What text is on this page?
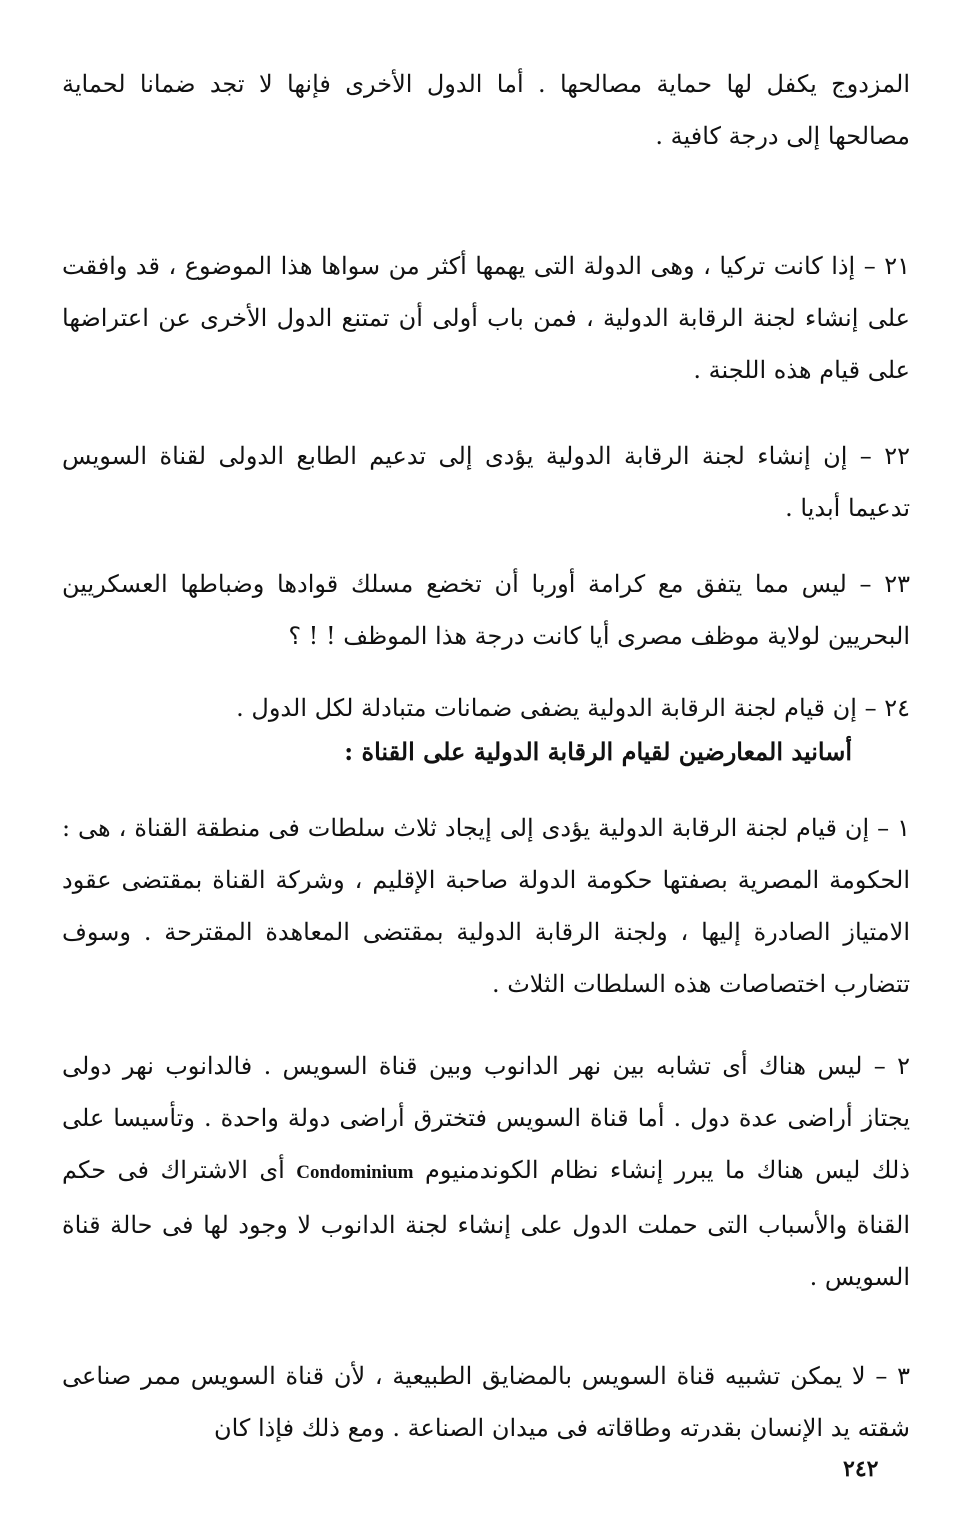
المزدوج يكفل لها حماية مصالحها . أما الدول الأخرى فإنها لا تجد ضمانا لحماية مصالحها إلى درجة كافية .

٢١ – إذا كانت تركيا ، وهى الدولة التى يهمها أكثر من سواها هذا الموضوع ، قد وافقت على إنشاء لجنة الرقابة الدولية ، فمن باب أولى أن تمتنع الدول الأخرى عن اعتراضها على قيام هذه اللجنة .

٢٢ – إن إنشاء لجنة الرقابة الدولية يؤدى إلى تدعيم الطابع الدولى لقناة السويس تدعيما أبديا .

٢٣ – ليس مما يتفق مع كرامة أوربا أن تخضع مسلك قوادها وضباطها العسكريين البحريين لولاية موظف مصرى أيا كانت درجة هذا الموظف ! ! ؟

٢٤ – إن قيام لجنة الرقابة الدولية يضفى ضمانات متبادلة لكل الدول .

أسانيد المعارضين لقيام الرقابة الدولية على القناة :

١ – إن قيام لجنة الرقابة الدولية يؤدى إلى إيجاد ثلاث سلطات فى منطقة القناة ، هى : الحكومة المصرية بصفتها حكومة الدولة صاحبة الإقليم ، وشركة القناة بمقتضى عقود الامتياز الصادرة إليها ، ولجنة الرقابة الدولية بمقتضى المعاهدة المقترحة . وسوف تتضارب اختصاصات هذه السلطات الثلاث .

٢ – ليس هناك أى تشابه بين نهر الدانوب وبين قناة السويس . فالدانوب نهر دولى يجتاز أراضى عدة دول . أما قناة السويس فتخترق أراضى دولة واحدة . وتأسيسا على ذلك ليس هناك ما يبرر إنشاء نظام الكوندمنيوم Condominium أى الاشتراك فى حكم القناة والأسباب التى حملت الدول على إنشاء لجنة الدانوب لا وجود لها فى حالة قناة السويس .

٣ – لا يمكن تشبيه قناة السويس بالمضايق الطبيعية ، لأن قناة السويس ممر صناعى شقته يد الإنسان بقدرته وطاقاته فى ميدان الصناعة . ومع ذلك فإذا كان

٢٤٢
